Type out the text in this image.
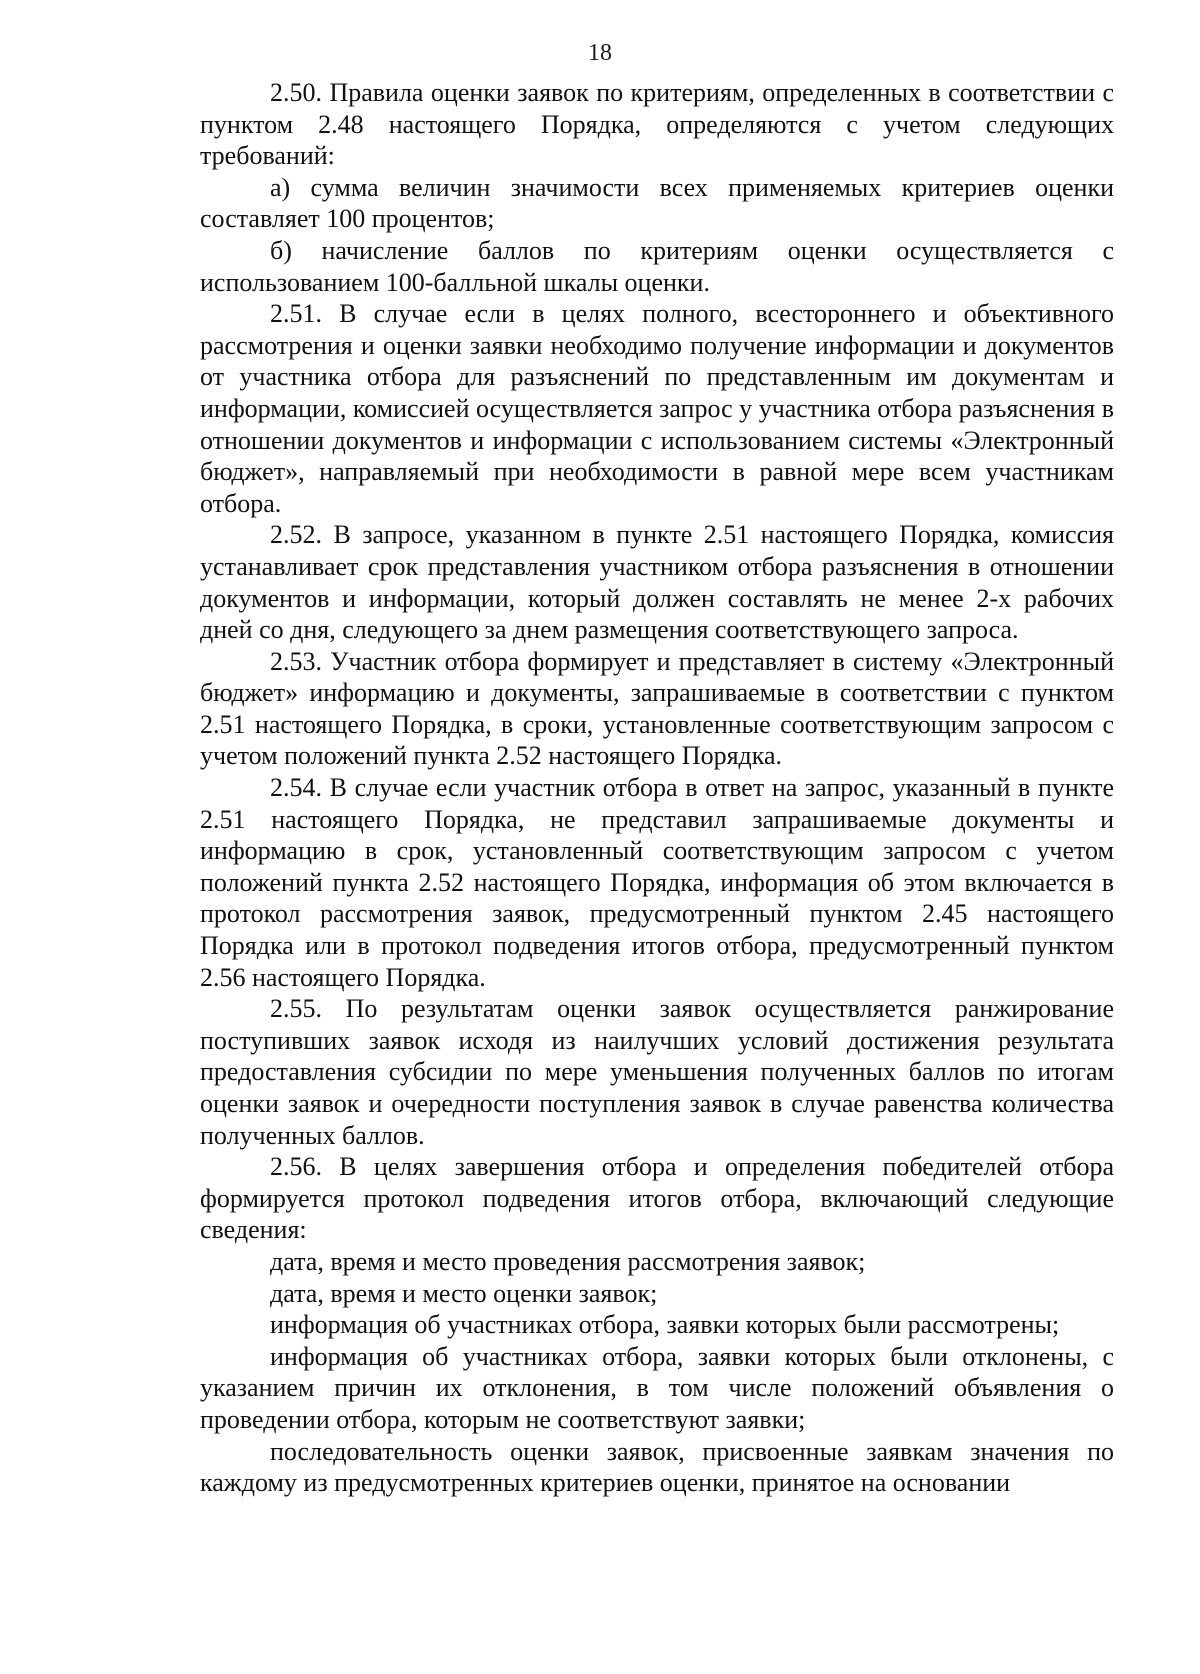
18

2.50. Правила оценки заявок по критериям, определенных в соответствии с пунктом 2.48 настоящего Порядка, определяются с учетом следующих требований:

а) сумма величин значимости всех применяемых критериев оценки составляет 100 процентов;

б) начисление баллов по критериям оценки осуществляется с использованием 100-балльной шкалы оценки.

2.51. В случае если в целях полного, всестороннего и объективного рассмотрения и оценки заявки необходимо получение информации и документов от участника отбора для разъяснений по представленным им документам и информации, комиссией осуществляется запрос у участника отбора разъяснения в отношении документов и информации с использованием системы «Электронный бюджет», направляемый при необходимости в равной мере всем участникам отбора.

2.52. В запросе, указанном в пункте 2.51 настоящего Порядка, комиссия устанавливает срок представления участником отбора разъяснения в отношении документов и информации, который должен составлять не менее 2-х рабочих дней со дня, следующего за днем размещения соответствующего запроса.

2.53. Участник отбора формирует и представляет в систему «Электронный бюджет» информацию и документы, запрашиваемые в соответствии с пунктом 2.51 настоящего Порядка, в сроки, установленные соответствующим запросом с учетом положений пункта 2.52 настоящего Порядка.

2.54. В случае если участник отбора в ответ на запрос, указанный в пункте 2.51 настоящего Порядка, не представил запрашиваемые документы и информацию в срок, установленный соответствующим запросом с учетом положений пункта 2.52 настоящего Порядка, информация об этом включается в протокол рассмотрения заявок, предусмотренный пунктом 2.45 настоящего Порядка или в протокол подведения итогов отбора, предусмотренный пунктом 2.56 настоящего Порядка.

2.55. По результатам оценки заявок осуществляется ранжирование поступивших заявок исходя из наилучших условий достижения результата предоставления субсидии по мере уменьшения полученных баллов по итогам оценки заявок и очередности поступления заявок в случае равенства количества полученных баллов.

2.56. В целях завершения отбора и определения победителей отбора формируется протокол подведения итогов отбора, включающий следующие сведения:

дата, время и место проведения рассмотрения заявок;

дата, время и место оценки заявок;

информация об участниках отбора, заявки которых были рассмотрены;

информация об участниках отбора, заявки которых были отклонены, с указанием причин их отклонения, в том числе положений объявления о проведении отбора, которым не соответствуют заявки;

последовательность оценки заявок, присвоенные заявкам значения по каждому из предусмотренных критериев оценки, принятое на основании
